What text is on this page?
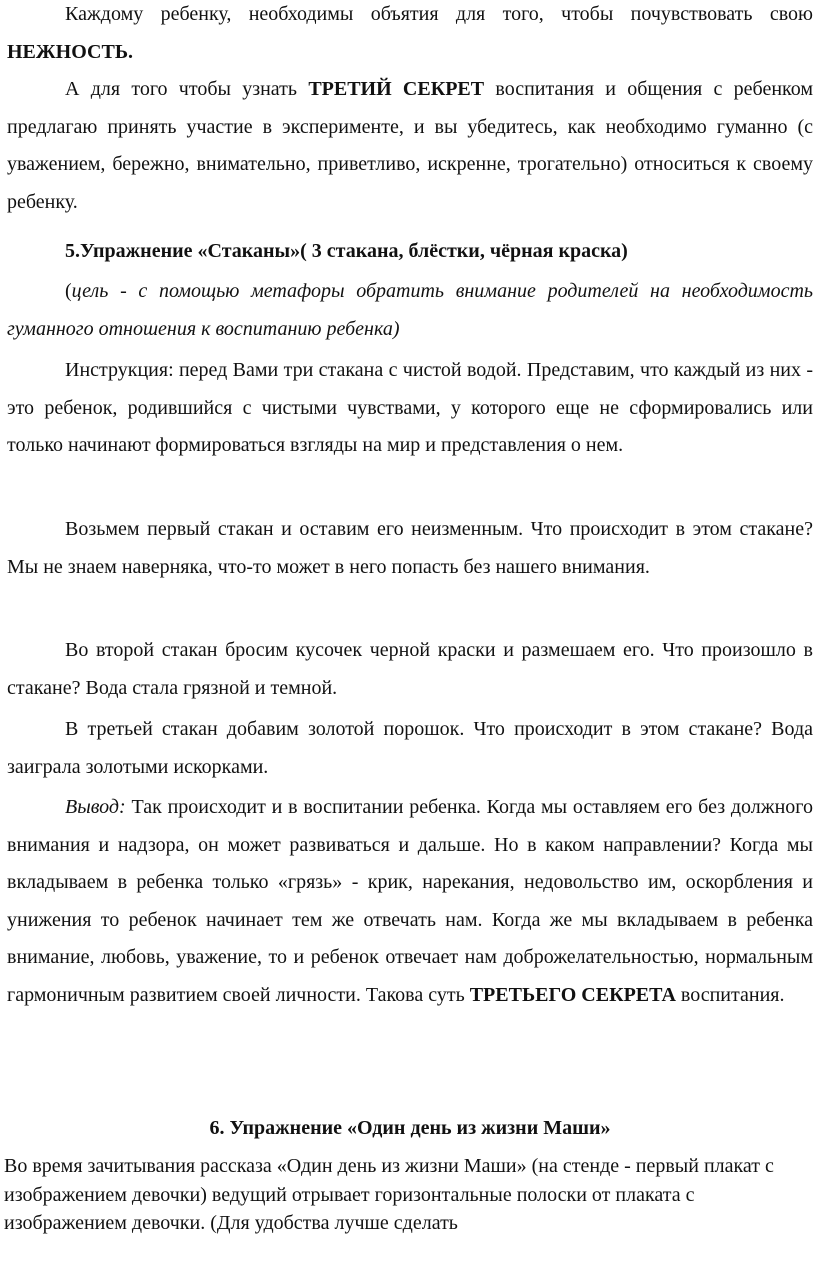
Каждому ребенку, необходимы объятия для того, чтобы почувствовать свою НЕЖНОСТЬ.

А для того чтобы узнать ТРЕТИЙ СЕКРЕТ воспитания и общения с ребенком предлагаю принять участие в эксперименте, и вы убедитесь, как необходимо гуманно (с уважением, бережно, внимательно, приветливо, искренне, трогательно) относиться к своему ребенку.

5.Упражнение «Стаканы»( 3 стакана, блёстки, чёрная краска)

(цель - с помощью метафоры обратить внимание родителей на необходимость гуманного отношения к воспитанию ребенка)

Инструкция: перед Вами три стакана с чистой водой. Представим, что каждый из них - это ребенок, родившийся с чистыми чувствами, у которого еще не сформировались или только начинают формироваться взгляды на мир и представления о нем.

Возьмем первый стакан и оставим его неизменным. Что происходит в этом стакане? Мы не знаем наверняка, что-то может в него попасть без нашего внимания.

Во второй стакан бросим кусочек черной краски и размешаем его. Что произошло в стакане? Вода стала грязной и темной.

В третьей стакан добавим золотой порошок. Что происходит в этом стакане? Вода заиграла золотыми искорками.

Вывод: Так происходит и в воспитании ребенка. Когда мы оставляем его без должного внимания и надзора, он может развиваться и дальше. Но в каком направлении? Когда мы вкладываем в ребенка только «грязь» - крик, нарекания, недовольство им, оскорбления и унижения то ребенок начинает тем же отвечать нам. Когда же мы вкладываем в ребенка внимание, любовь, уважение, то и ребенок отвечает нам доброжелательностью, нормальным гармоничным развитием своей личности. Такова суть ТРЕТЬЕГО СЕКРЕТА воспитания.

6. Упражнение «Один день из жизни Маши»

Во время зачитывания рассказа «Один день из жизни Маши» (на стенде - первый плакат с изображением девочки) ведущий отрывает горизонтальные полоски от плаката с изображением девочки. (Для удобства лучше сделать
